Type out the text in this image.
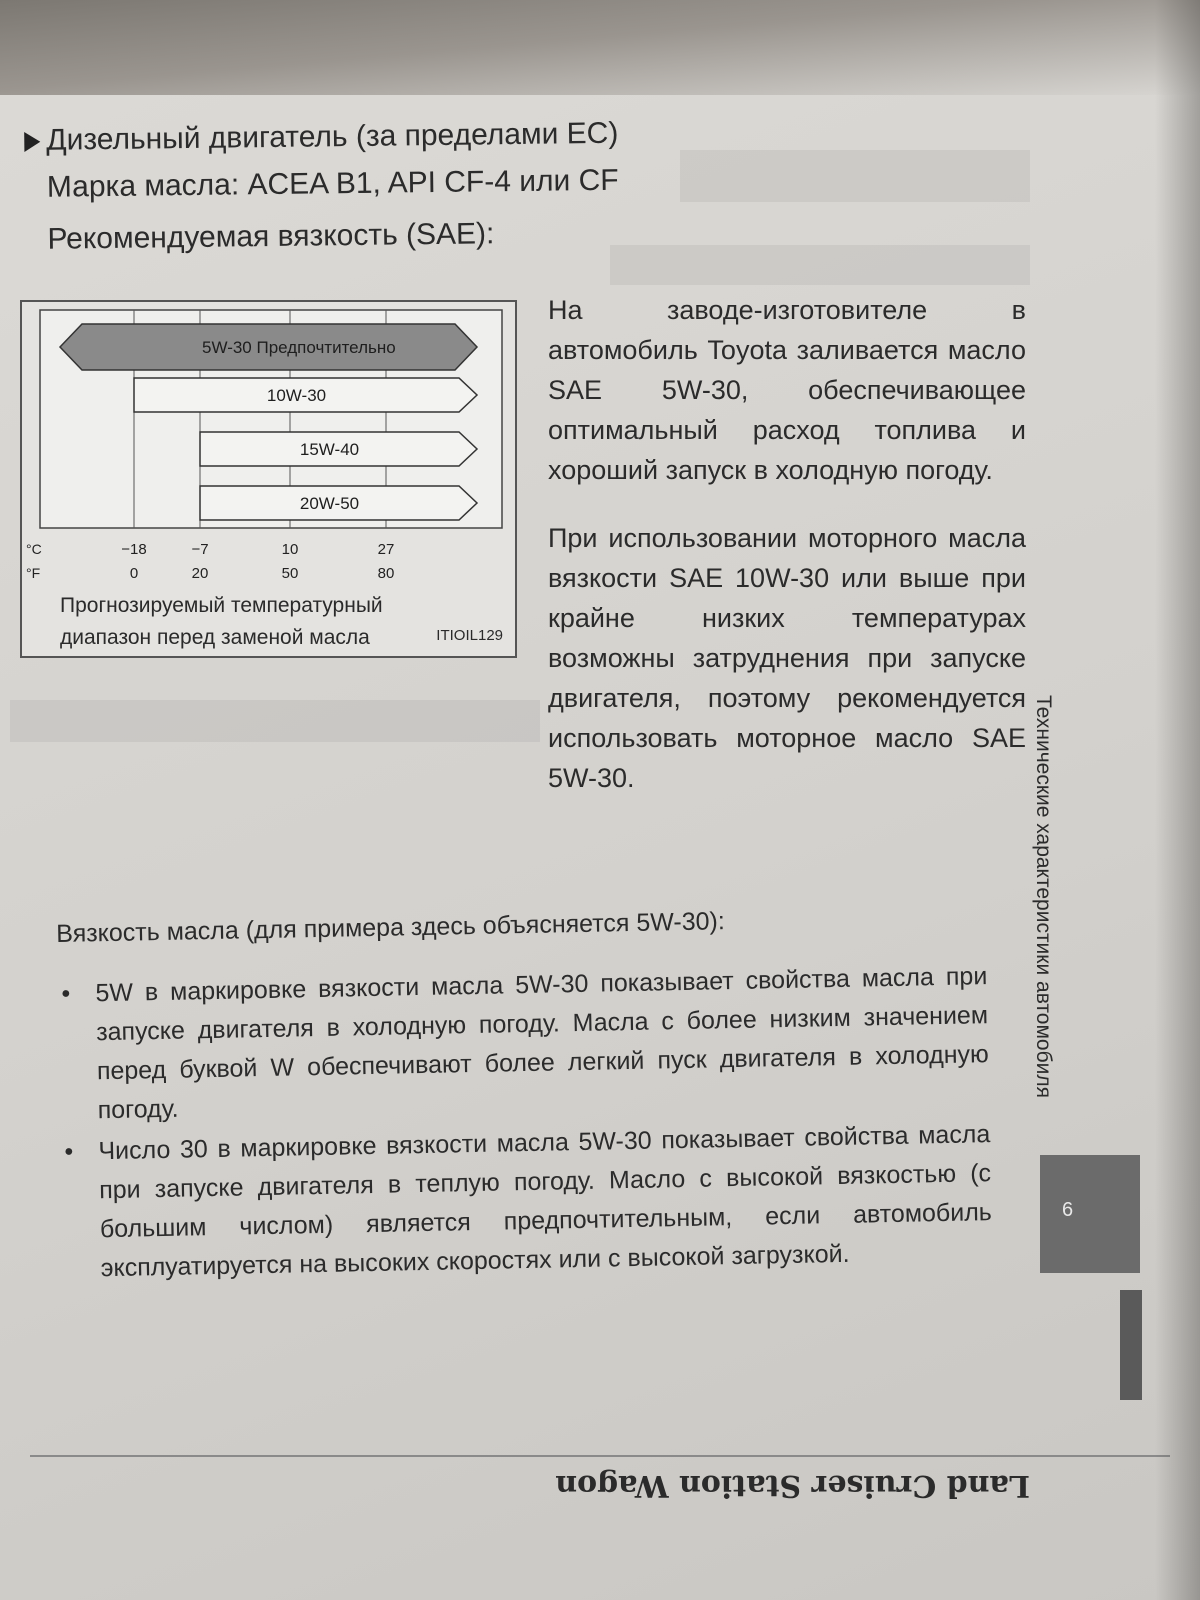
Дизельный двигатель (за пределами ЕС)
Марка масла: ACEA B1, API CF-4 или CF
Рекомендуемая вязкость (SAE):
5W-30 Предпочтительно
10W-30
15W-40
20W-50
°C
°F
−18
0
−7
20
10
50
27
80
Прогнозируемый температурный
диапазон перед заменой масла	ITIOIL129

На заводе-изготовителе в автомобиль Toyota заливается масло SAE 5W-30, обеспечивающее оптимальный расход топлива и хороший запуск в холодную погоду.

При использовании моторного масла вязкости SAE 10W-30 или выше при крайне низких температурах возможны затруднения при запуске двигателя, поэтому рекомендуется использовать моторное масло SAE 5W-30.

Вязкость масла (для примера здесь объясняется 5W-30):
• 5W в маркировке вязкости масла 5W-30 показывает свойства масла при запуске двигателя в холодную погоду. Масла с более низким значением перед буквой W обеспечивают более легкий пуск двигателя в холодную погоду.
• Число 30 в маркировке вязкости масла 5W-30 показывает свойства масла при запуске двигателя в теплую погоду. Масло с высокой вязкостью (с большим числом) является предпочтительным, если автомобиль эксплуатируется на высоких скоростях или с высокой загрузкой.
Технические характеристики автомобиля
6
Land Cruiser Station Wagon
